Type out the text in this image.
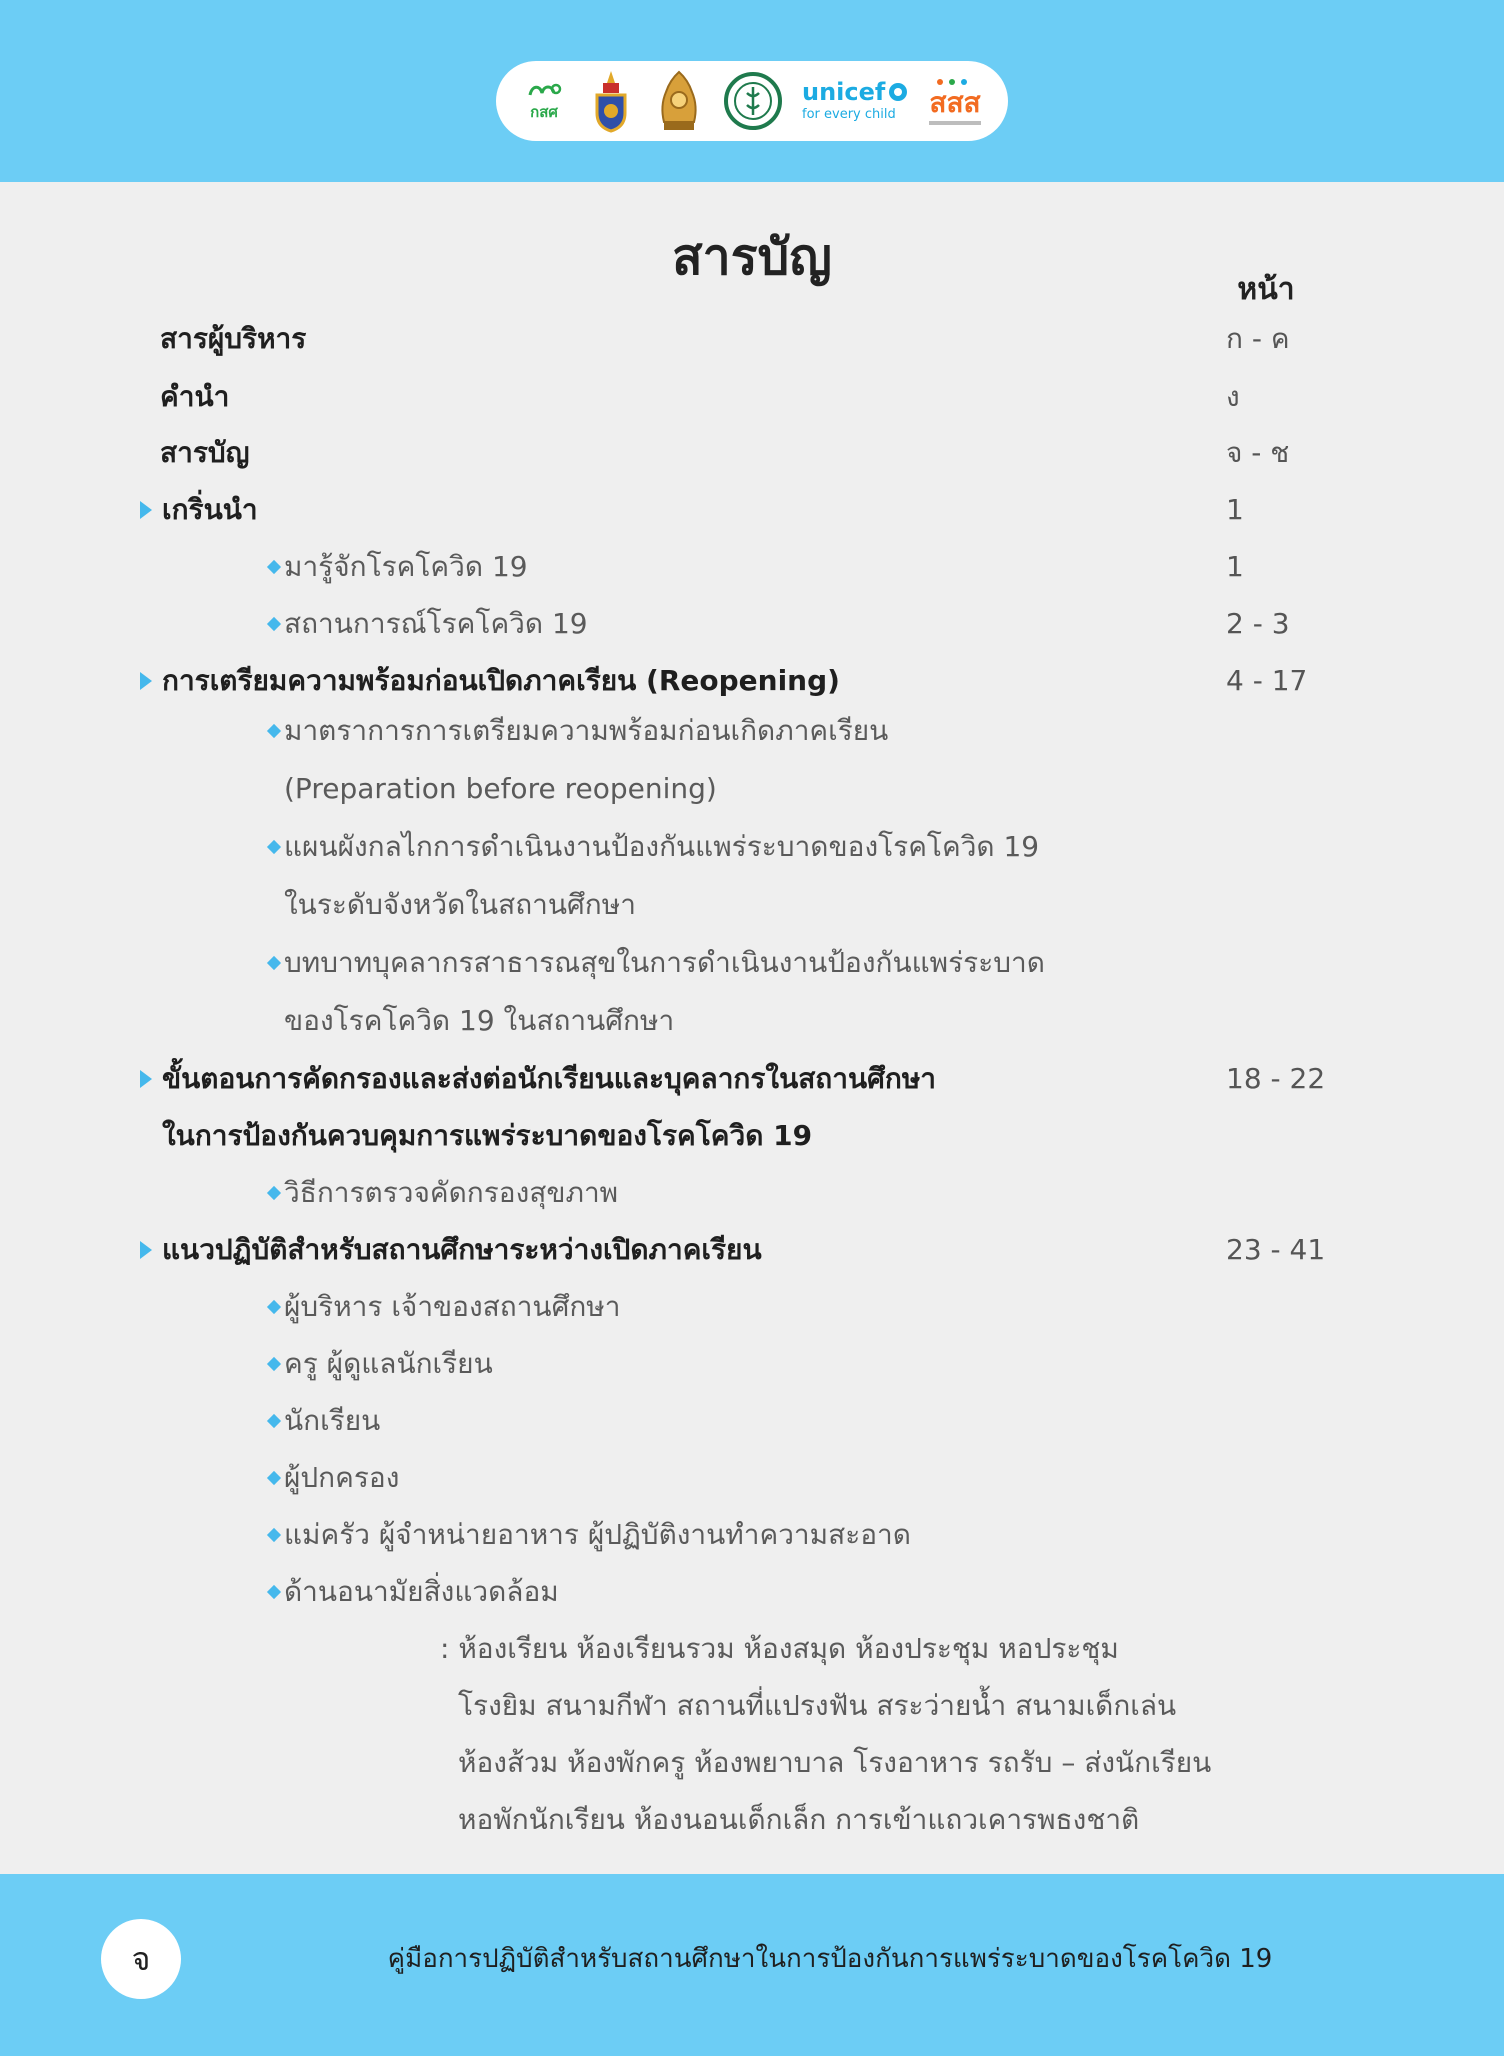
กสศ
unicef
for every child สสส
สารบัญ
หน้า
สารผู้บริหาร	ก - ค
คำนำ	ง
สารบัญ	จ - ช
เกริ่นนำ	1
มารู้จักโรคโควิด 19	1
สถานการณ์โรคโควิด 19	2 - 3
การเตรียมความพร้อมก่อนเปิดภาคเรียน (Reopening)	4 - 17
มาตราการการเตรียมความพร้อมก่อนเกิดภาคเรียน
(Preparation before reopening)
แผนผังกลไกการดำเนินงานป้องกันแพร่ระบาดของโรคโควิด 19
ในระดับจังหวัดในสถานศึกษา
บทบาทบุคลากรสาธารณสุขในการดำเนินงานป้องกันแพร่ระบาด
ของโรคโควิด 19 ในสถานศึกษา
ขั้นตอนการคัดกรองและส่งต่อนักเรียนและบุคลากรในสถานศึกษา	18 - 22
ในการป้องกันควบคุมการแพร่ระบาดของโรคโควิด 19
วิธีการตรวจคัดกรองสุขภาพ
แนวปฏิบัติสำหรับสถานศึกษาระหว่างเปิดภาคเรียน	23 - 41
ผู้บริหาร เจ้าของสถานศึกษา
ครู ผู้ดูแลนักเรียน
นักเรียน
ผู้ปกครอง
แม่ครัว ผู้จำหน่ายอาหาร ผู้ปฏิบัติงานทำความสะอาด
ด้านอนามัยสิ่งแวดล้อม
: ห้องเรียน ห้องเรียนรวม ห้องสมุด ห้องประชุม หอประชุม
โรงยิม สนามกีฬา สถานที่แปรงฟัน สระว่ายน้ำ สนามเด็กเล่น
ห้องส้วม ห้องพักครู ห้องพยาบาล โรงอาหาร รถรับ – ส่งนักเรียน
หอพักนักเรียน ห้องนอนเด็กเล็ก การเข้าแถวเคารพธงชาติ
จ	คู่มือการปฏิบัติสำหรับสถานศึกษาในการป้องกันการแพร่ระบาดของโรคโควิด 19
